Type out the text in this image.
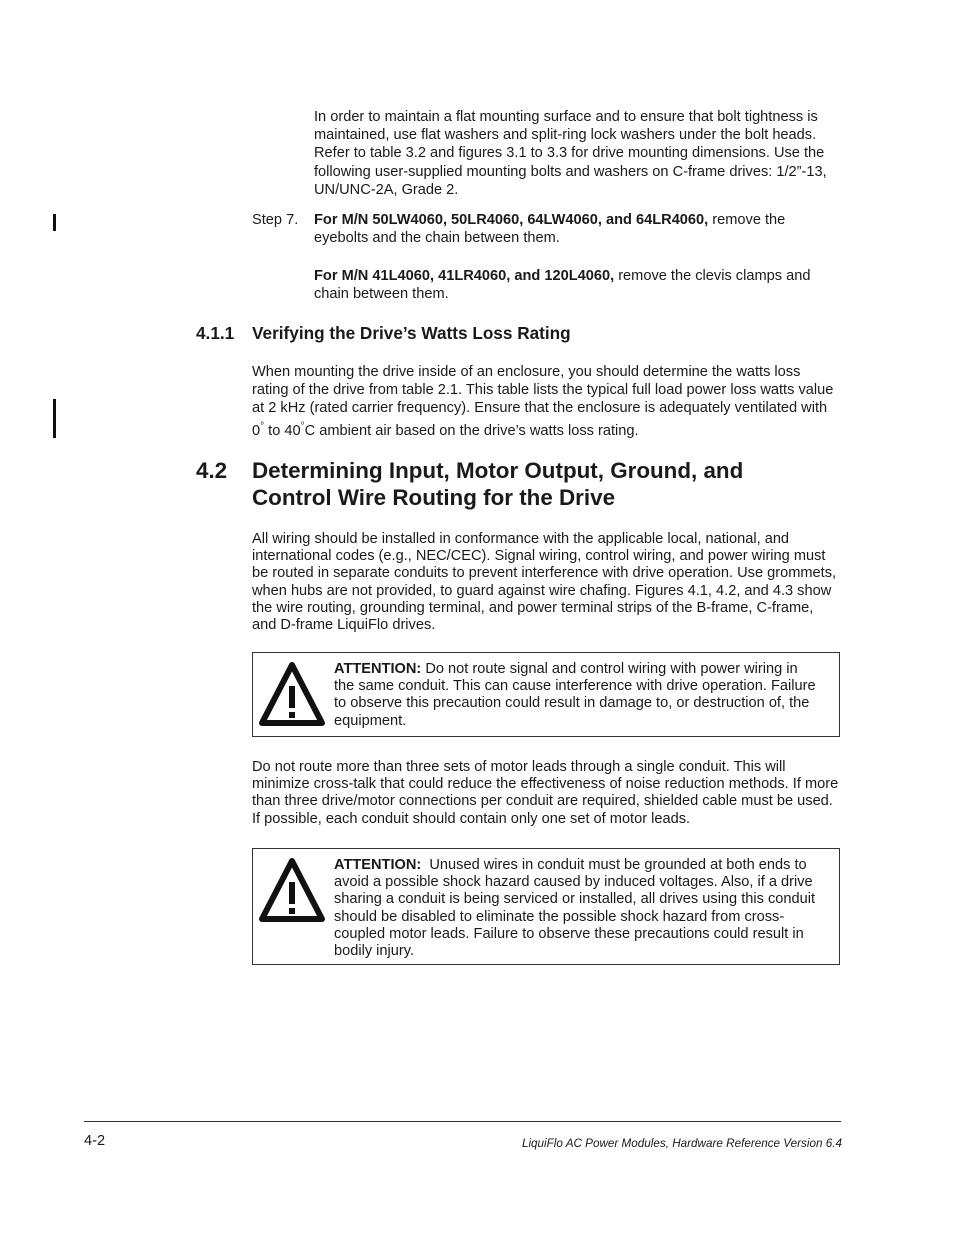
In order to maintain a flat mounting surface and to ensure that bolt tightness is maintained, use flat washers and split-ring lock washers under the bolt heads. Refer to table 3.2 and figures 3.1 to 3.3 for drive mounting dimensions. Use the following user-supplied mounting bolts and washers on C-frame drives: 1/2”-13, UN/UNC-2A, Grade 2.

Step 7. For M/N 50LW4060, 50LR4060, 64LW4060, and 64LR4060, remove the eyebolts and the chain between them.

For M/N 41L4060, 41LR4060, and 120L4060, remove the clevis clamps and chain between them.

4.1.1 Verifying the Drive’s Watts Loss Rating

When mounting the drive inside of an enclosure, you should determine the watts loss rating of the drive from table 2.1. This table lists the typical full load power loss watts value at 2 kHz (rated carrier frequency). Ensure that the enclosure is adequately ventilated with 0° to 40°C ambient air based on the drive’s watts loss rating.

4.2 Determining Input, Motor Output, Ground, and
Control Wire Routing for the Drive

All wiring should be installed in conformance with the applicable local, national, and international codes (e.g., NEC/CEC). Signal wiring, control wiring, and power wiring must be routed in separate conduits to prevent interference with drive operation. Use grommets, when hubs are not provided, to guard against wire chafing. Figures 4.1, 4.2, and 4.3 show the wire routing, grounding terminal, and power terminal strips of the B-frame, C-frame, and D-frame LiquiFlo drives.

ATTENTION: Do not route signal and control wiring with power wiring in the same conduit. This can cause interference with drive operation. Failure to observe this precaution could result in damage to, or destruction of, the equipment.

Do not route more than three sets of motor leads through a single conduit. This will minimize cross-talk that could reduce the effectiveness of noise reduction methods. If more than three drive/motor connections per conduit are required, shielded cable must be used. If possible, each conduit should contain only one set of motor leads.

ATTENTION:  Unused wires in conduit must be grounded at both ends to avoid a possible shock hazard caused by induced voltages. Also, if a drive sharing a conduit is being serviced or installed, all drives using this conduit should be disabled to eliminate the possible shock hazard from cross-coupled motor leads. Failure to observe these precautions could result in bodily injury.
4-2	LiquiFlo AC Power Modules, Hardware Reference Version 6.4
